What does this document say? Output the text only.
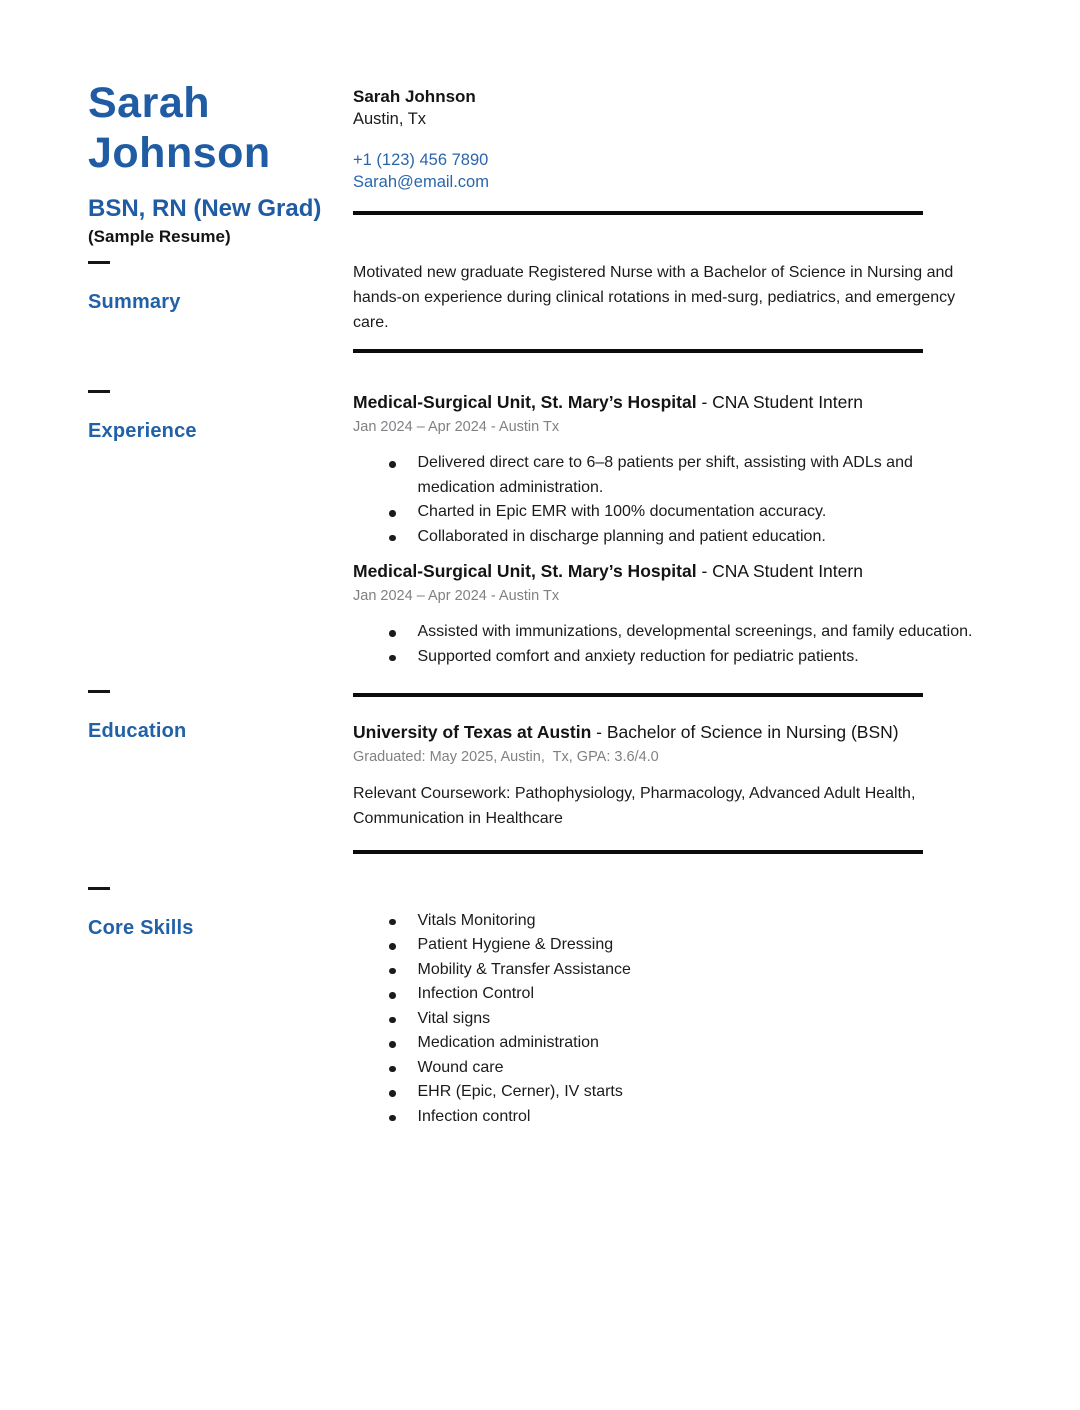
Sarah
Johnson
BSN, RN (New Grad)
(Sample Resume)
Sarah Johnson
Austin, Tx
+1 (123) 456 7890
Sarah@email.com
Summary

Motivated new graduate Registered Nurse with a Bachelor of Science in Nursing and hands-on experience during clinical rotations in med-surg, pediatrics, and emergency care.

Experience
Medical-Surgical Unit, St. Mary’s Hospital - CNA Student Intern
Jan 2024 – Apr 2024 - Austin Tx
Delivered direct care to 6–8 patients per shift, assisting with ADLs and medication administration.
Charted in Epic EMR with 100% documentation accuracy.
Collaborated in discharge planning and patient education.
Medical-Surgical Unit, St. Mary’s Hospital - CNA Student Intern
Jan 2024 – Apr 2024 - Austin Tx
Assisted with immunizations, developmental screenings, and family education.
Supported comfort and anxiety reduction for pediatric patients.
Education	University of Texas at Austin - Bachelor of Science in Nursing (BSN)
Graduated: May 2025, Austin,  Tx, GPA: 3.6/4.0

Relevant Coursework: Pathophysiology, Pharmacology, Advanced Adult Health, Communication in Healthcare

Core Skills	Vitals Monitoring
Patient Hygiene & Dressing
Mobility & Transfer Assistance
Infection Control
Vital signs
Medication administration
Wound care
EHR (Epic, Cerner), IV starts
Infection control
